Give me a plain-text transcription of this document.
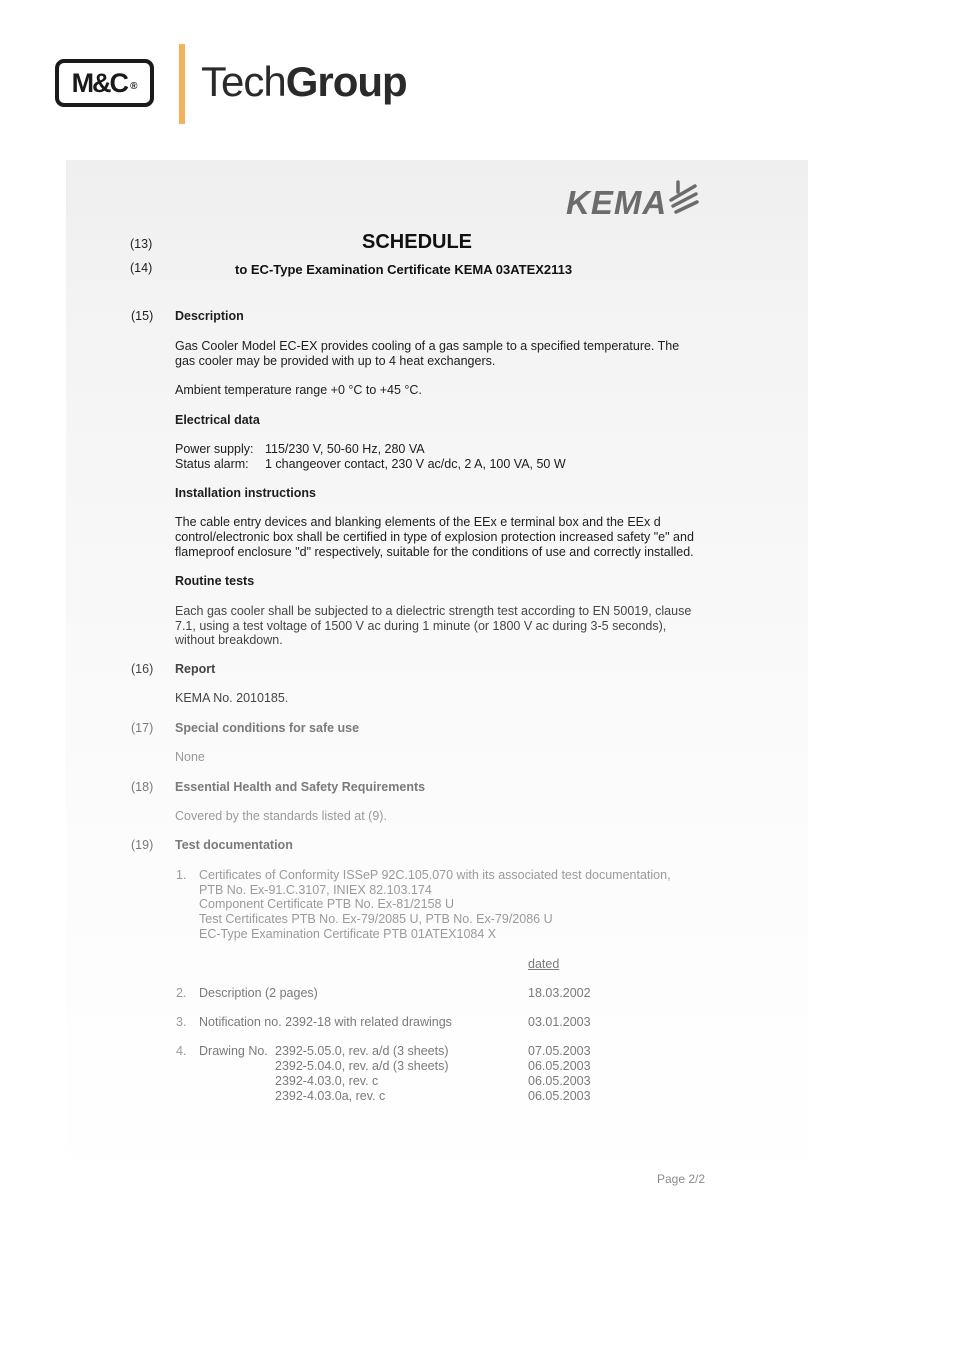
M&C ® TechGroup
KEMA
(13)
(14)
(15)
(16)
(17)
(18)
(19)
SCHEDULE
to EC-Type Examination Certificate KEMA 03ATEX2113
Description
Gas Cooler Model EC-EX provides cooling of a gas sample to a specified temperature. The
gas cooler may be provided with up to 4 heat exchangers.
Ambient temperature range +0 °C to +45 °C.
Electrical data
Power supply: 115/230 V, 50-60 Hz, 280 VA
Status alarm: 1 changeover contact, 230 V ac/dc, 2 A, 100 VA, 50 W
Installation instructions
The cable entry devices and blanking elements of the EEx e terminal box and the EEx d
control/electronic box shall be certified in type of explosion protection increased safety "e" and
flameproof enclosure "d" respectively, suitable for the conditions of use and correctly installed.
Routine tests
Each gas cooler shall be subjected to a dielectric strength test according to EN 50019, clause
7.1, using a test voltage of 1500 V ac during 1 minute (or 1800 V ac during 3-5 seconds),
without breakdown.
Report
KEMA No. 2010185.
Special conditions for safe use
None
Essential Health and Safety Requirements
Covered by the standards listed at (9).
Test documentation
1. Certificates of Conformity ISSeP 92C.105.070 with its associated test documentation,
PTB No. Ex-91.C.3107, INIEX 82.103.174
Component Certificate PTB No. Ex-81/2158 U
Test Certificates PTB No. Ex-79/2085 U, PTB No. Ex-79/2086 U
EC-Type Examination Certificate PTB 01ATEX1084 X
dated
2. Description (2 pages)	18.03.2002
3. Notification no. 2392-18 with related drawings	03.01.2003
4. Drawing No. 2392-5.05.0, rev. a/d (3 sheets)
2392-5.04.0, rev. a/d (3 sheets)
2392-4.03.0, rev. c
2392-4.03.0a, rev. c
07.05.2003
06.05.2003
06.05.2003
06.05.2003
Page 2/2
